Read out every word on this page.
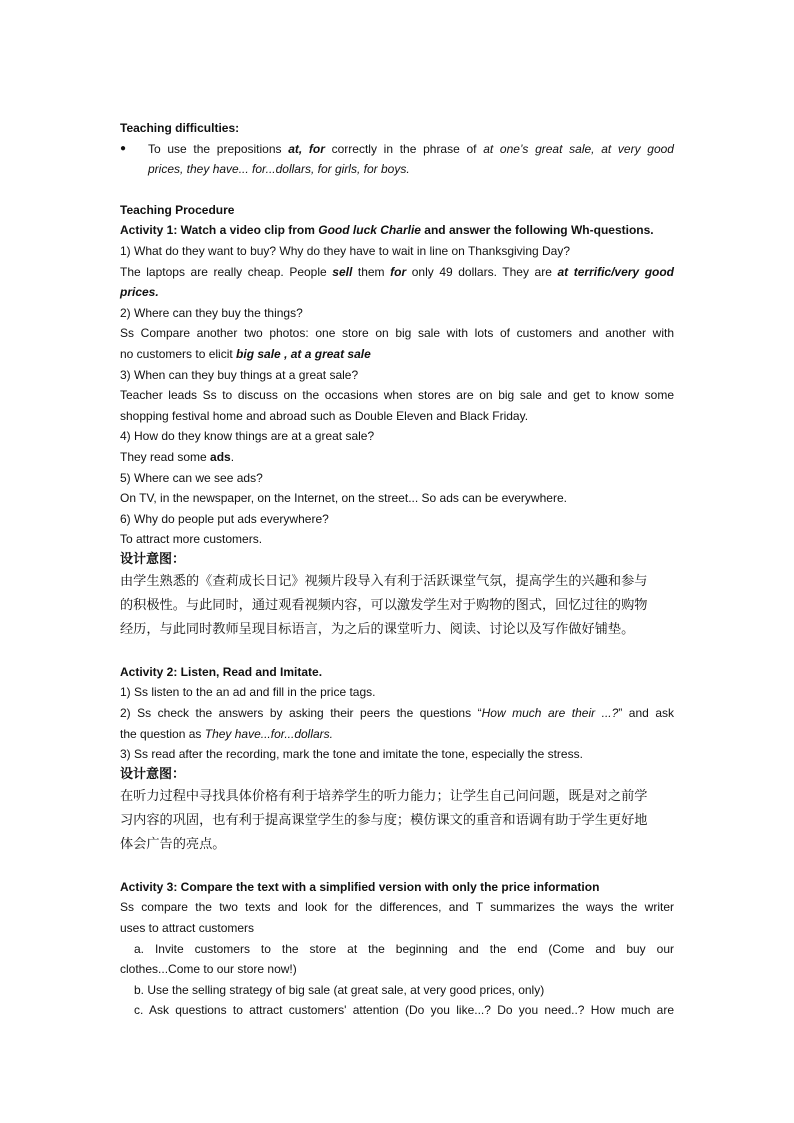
Teaching difficulties:
●	To use the prepositions at, for correctly in the phrase of at one’s great sale, at very good
prices, they have... for...dollars, for girls, for boys.
Teaching Procedure
Activity 1: Watch a video clip from Good luck Charlie and answer the following Wh-questions.
1) What do they want to buy? Why do they have to wait in line on Thanksgiving Day?
The laptops are really cheap. People sell them for only 49 dollars. They are at terrific/very good
prices.
2) Where can they buy the things?
Ss Compare another two photos: one store on big sale with lots of customers and another with
no customers to elicit big sale , at a great sale
3) When can they buy things at a great sale?
Teacher leads Ss to discuss on the occasions when stores are on big sale and get to know some
shopping festival home and abroad such as Double Eleven and Black Friday.
4) How do they know things are at a great sale?
They read some ads.
5) Where can we see ads?
On TV, in the newspaper, on the Internet, on the street... So ads can be everywhere.
6) Why do people put ads everywhere?
To attract more customers.
设计意图：
由学生熟悉的《查莉成长日记》视频片段导入有利于活跃课堂气氛，提高学生的兴趣和参与
的积极性。与此同时，通过观看视频内容，可以激发学生对于购物的图式，回忆过往的购物
经历，与此同时教师呈现目标语言，为之后的课堂听力、阅读、讨论以及写作做好铺垫。
Activity 2: Listen, Read and Imitate.
1) Ss listen to the an ad and fill in the price tags.
2) Ss check the answers by asking their peers the questions “How much are their ...?” and ask
the question as They have...for...dollars.
3) Ss read after the recording, mark the tone and imitate the tone, especially the stress.
设计意图：
在听力过程中寻找具体价格有利于培养学生的听力能力；让学生自己问问题，既是对之前学
习内容的巩固，也有利于提高课堂学生的参与度；模仿课文的重音和语调有助于学生更好地
体会广告的亮点。
Activity 3: Compare the text with a simplified version with only the price information
Ss compare the two texts and look for the differences, and T summarizes the ways the writer
uses to attract customers
a. Invite customers to the store at the beginning and the end (Come and buy our
clothes...Come to our store now!)
b. Use the selling strategy of big sale (at great sale, at very good prices, only)
c. Ask questions to attract customers' attention (Do you like...? Do you need..? How much are
